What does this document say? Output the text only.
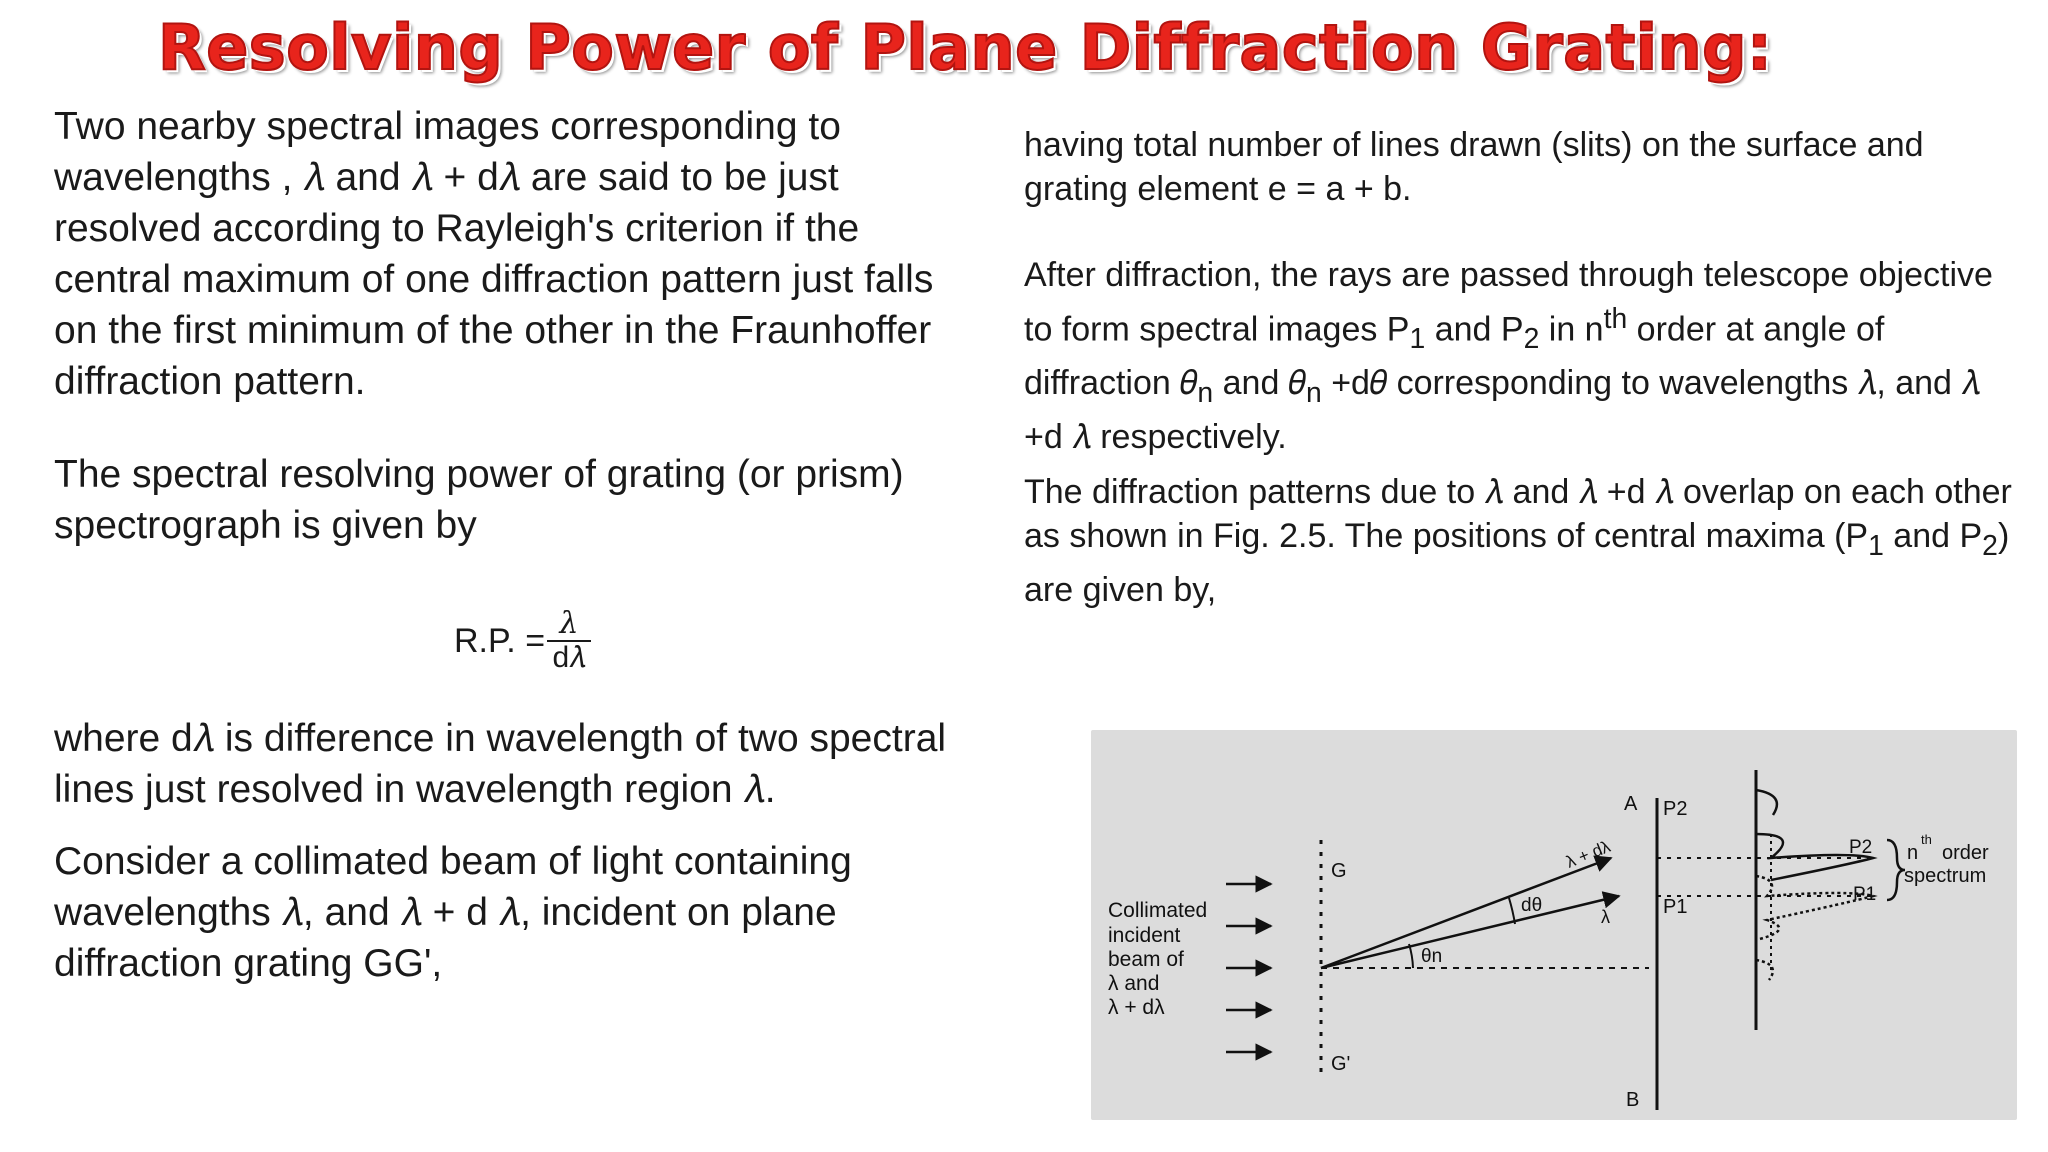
Resolving Power of Plane Diffraction Grating:

Two nearby spectral images corresponding to wavelengths , 𝜆 and 𝜆 + d𝜆 are said to be just resolved according to Rayleigh's criterion if the central maximum of one diffraction pattern just falls on the first minimum of the other in the Fraunhoffer diffraction pattern.

The spectral resolving power of grating (or prism) spectrograph is given by

R.P. = $\frac{\text{𝜆}}{\text{d𝜆}}$

where d𝜆 is difference in wavelength of two spectral lines just resolved in wavelength region 𝜆.

Consider a collimated beam of light containing wavelengths 𝜆, and 𝜆 + d 𝜆, incident on plane diffraction grating GG',

having total number of lines drawn (slits) on the surface and grating element e = a + b.

After diffraction, the rays are passed through telescope objective to form spectral images $P_1$ and $P_2$ in $n^{th}$ order at angle of diffraction 𝜃$_n$ and 𝜃$_n$ +d𝜃 corresponding to wavelengths 𝜆, and 𝜆 +d 𝜆 respectively.

The diffraction patterns due to 𝜆 and 𝜆 +d 𝜆 overlap on each other as shown in Fig. 2.5. The positions of central maxima ($P_1$ and $P_2$) are given by,

Collimated incident beam of λ and λ + dλ
G
G'
θn
dθ
λ + dλ
λ
A
B
P2
P1
P2
P1
n
th
order
spectrum
